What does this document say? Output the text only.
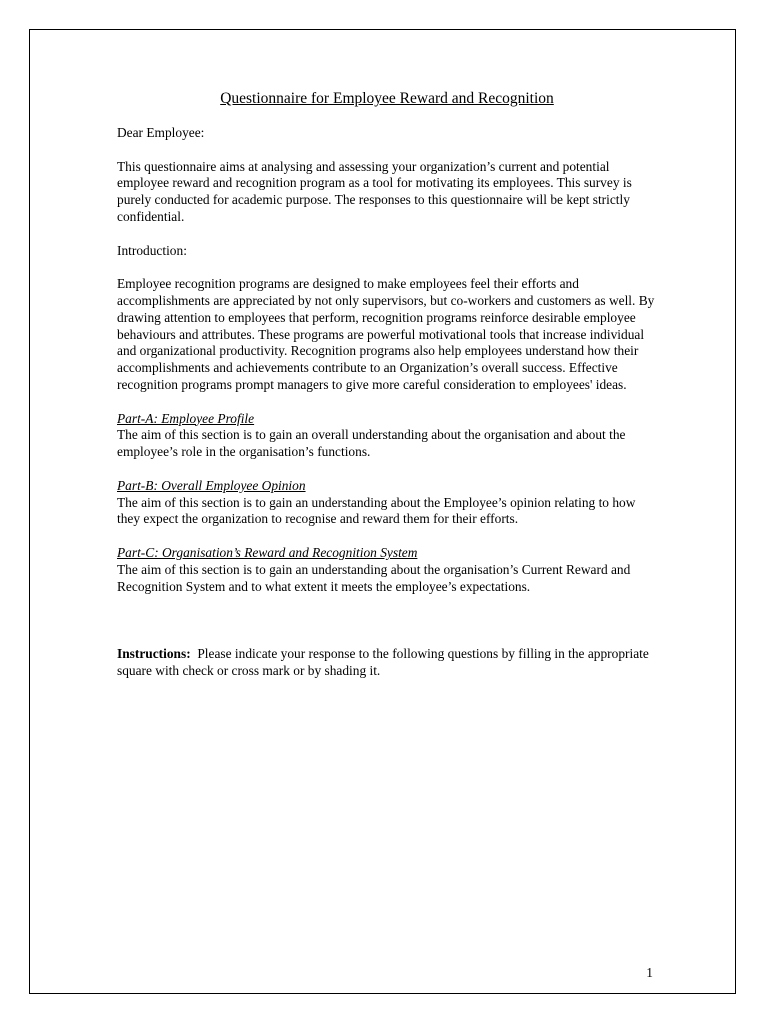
Questionnaire for Employee Reward and Recognition

Dear Employee:

This questionnaire aims at analysing and assessing your organization’s current and potential employee reward and recognition program as a tool for motivating its employees. This survey is purely conducted for academic purpose. The responses to this questionnaire will be kept strictly confidential.

Introduction:

Employee recognition programs are designed to make employees feel their efforts and accomplishments are appreciated by not only supervisors, but co-workers and customers as well. By drawing attention to employees that perform, recognition programs reinforce desirable employee behaviours and attributes. These programs are powerful motivational tools that increase individual and organizational productivity. Recognition programs also help employees understand how their accomplishments and achievements contribute to an Organization’s overall success. Effective recognition programs prompt managers to give more careful consideration to employees' ideas.

Part-A: Employee Profile
The aim of this section is to gain an overall understanding about the organisation and about the employee’s role in the organisation’s functions.

Part-B: Overall Employee Opinion
The aim of this section is to gain an understanding about the Employee’s opinion relating to how they expect the organization to recognise and reward them for their efforts.

Part-C: Organisation’s Reward and Recognition System
The aim of this section is to gain an understanding about the organisation’s Current Reward and Recognition System and to what extent it meets the employee’s expectations.

Instructions: Please indicate your response to the following questions by filling in the appropriate square with check or cross mark or by shading it.

1
